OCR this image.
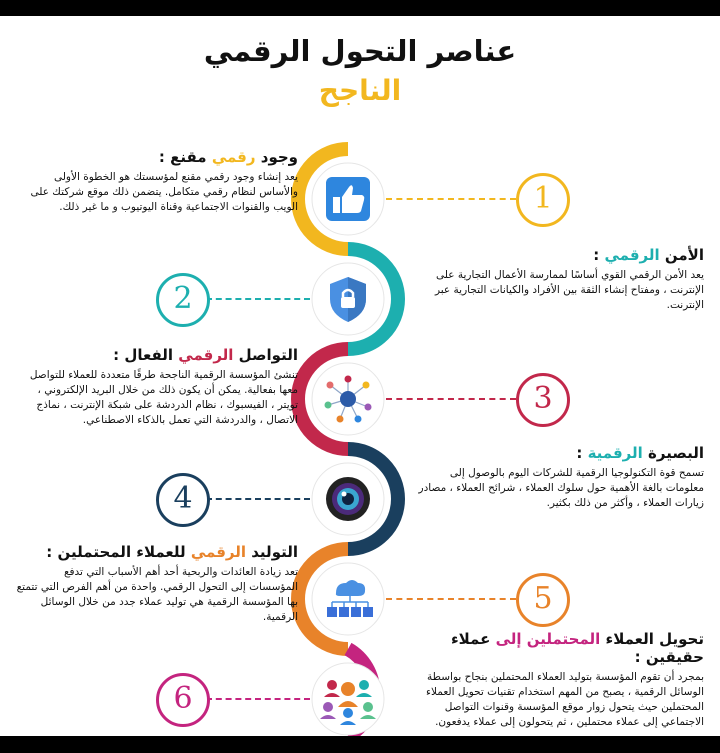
عناصر التحول الرقمي
الناجح
1
2
3
4
5
6
وجود رقمي مقنع :

يعد إنشاء وجود رقمي مقنع لمؤسستك هو الخطوة الأولى والأساس لنظام رقمي متكامل. يتضمن ذلك موقع شركتك على الويب والقنوات الاجتماعية وقناة اليوتيوب و ما غير ذلك.

الأمن الرقمي :

يعد الأمن الرقمي القوي أساسًا لممارسة الأعمال التجارية على الإنترنت ، ومفتاح إنشاء الثقة بين الأفراد والكيانات التجارية عبر الإنترنت.

التواصل الرقمي الفعال :

تنشئ المؤسسة الرقمية الناجحة طرقًا متعددة للعملاء للتواصل معها بفعالية. يمكن أن يكون ذلك من خلال البريد الإلكتروني ، تويتر ، الفيسبوك ، نظام الدردشة على شبكة الإنترنت ، نماذج الاتصال ، والدردشة التي تعمل بالذكاء الاصطناعي.

البصيرة الرقمية :

تسمح قوة التكنولوجيا الرقمية للشركات اليوم بالوصول إلى معلومات بالغة الأهمية حول سلوك العملاء ، شرائح العملاء ، مصادر زيارات العملاء ، وأكثر من ذلك بكثير.

التوليد الرقمي للعملاء المحتملين :

تعد زيادة العائدات والربحية أحد أهم الأسباب التي تدفع المؤسسات إلى التحول الرقمي. واحدة من أهم الفرص التي تتمتع بها المؤسسة الرقمية هي توليد عملاء جدد من خلال الوسائل الرقمية.

تحويل العملاء المحتملين إلى عملاء حقيقين :

بمجرد أن تقوم المؤسسة بتوليد العملاء المحتملين بنجاح بواسطة الوسائل الرقمية ، يصبح من المهم استخدام تقنيات تحويل العملاء المحتملين حيث يتحول زوار موقع المؤسسة وقنوات التواصل الاجتماعي إلى عملاء محتملين ، ثم يتحولون إلى عملاء يدفعون.
